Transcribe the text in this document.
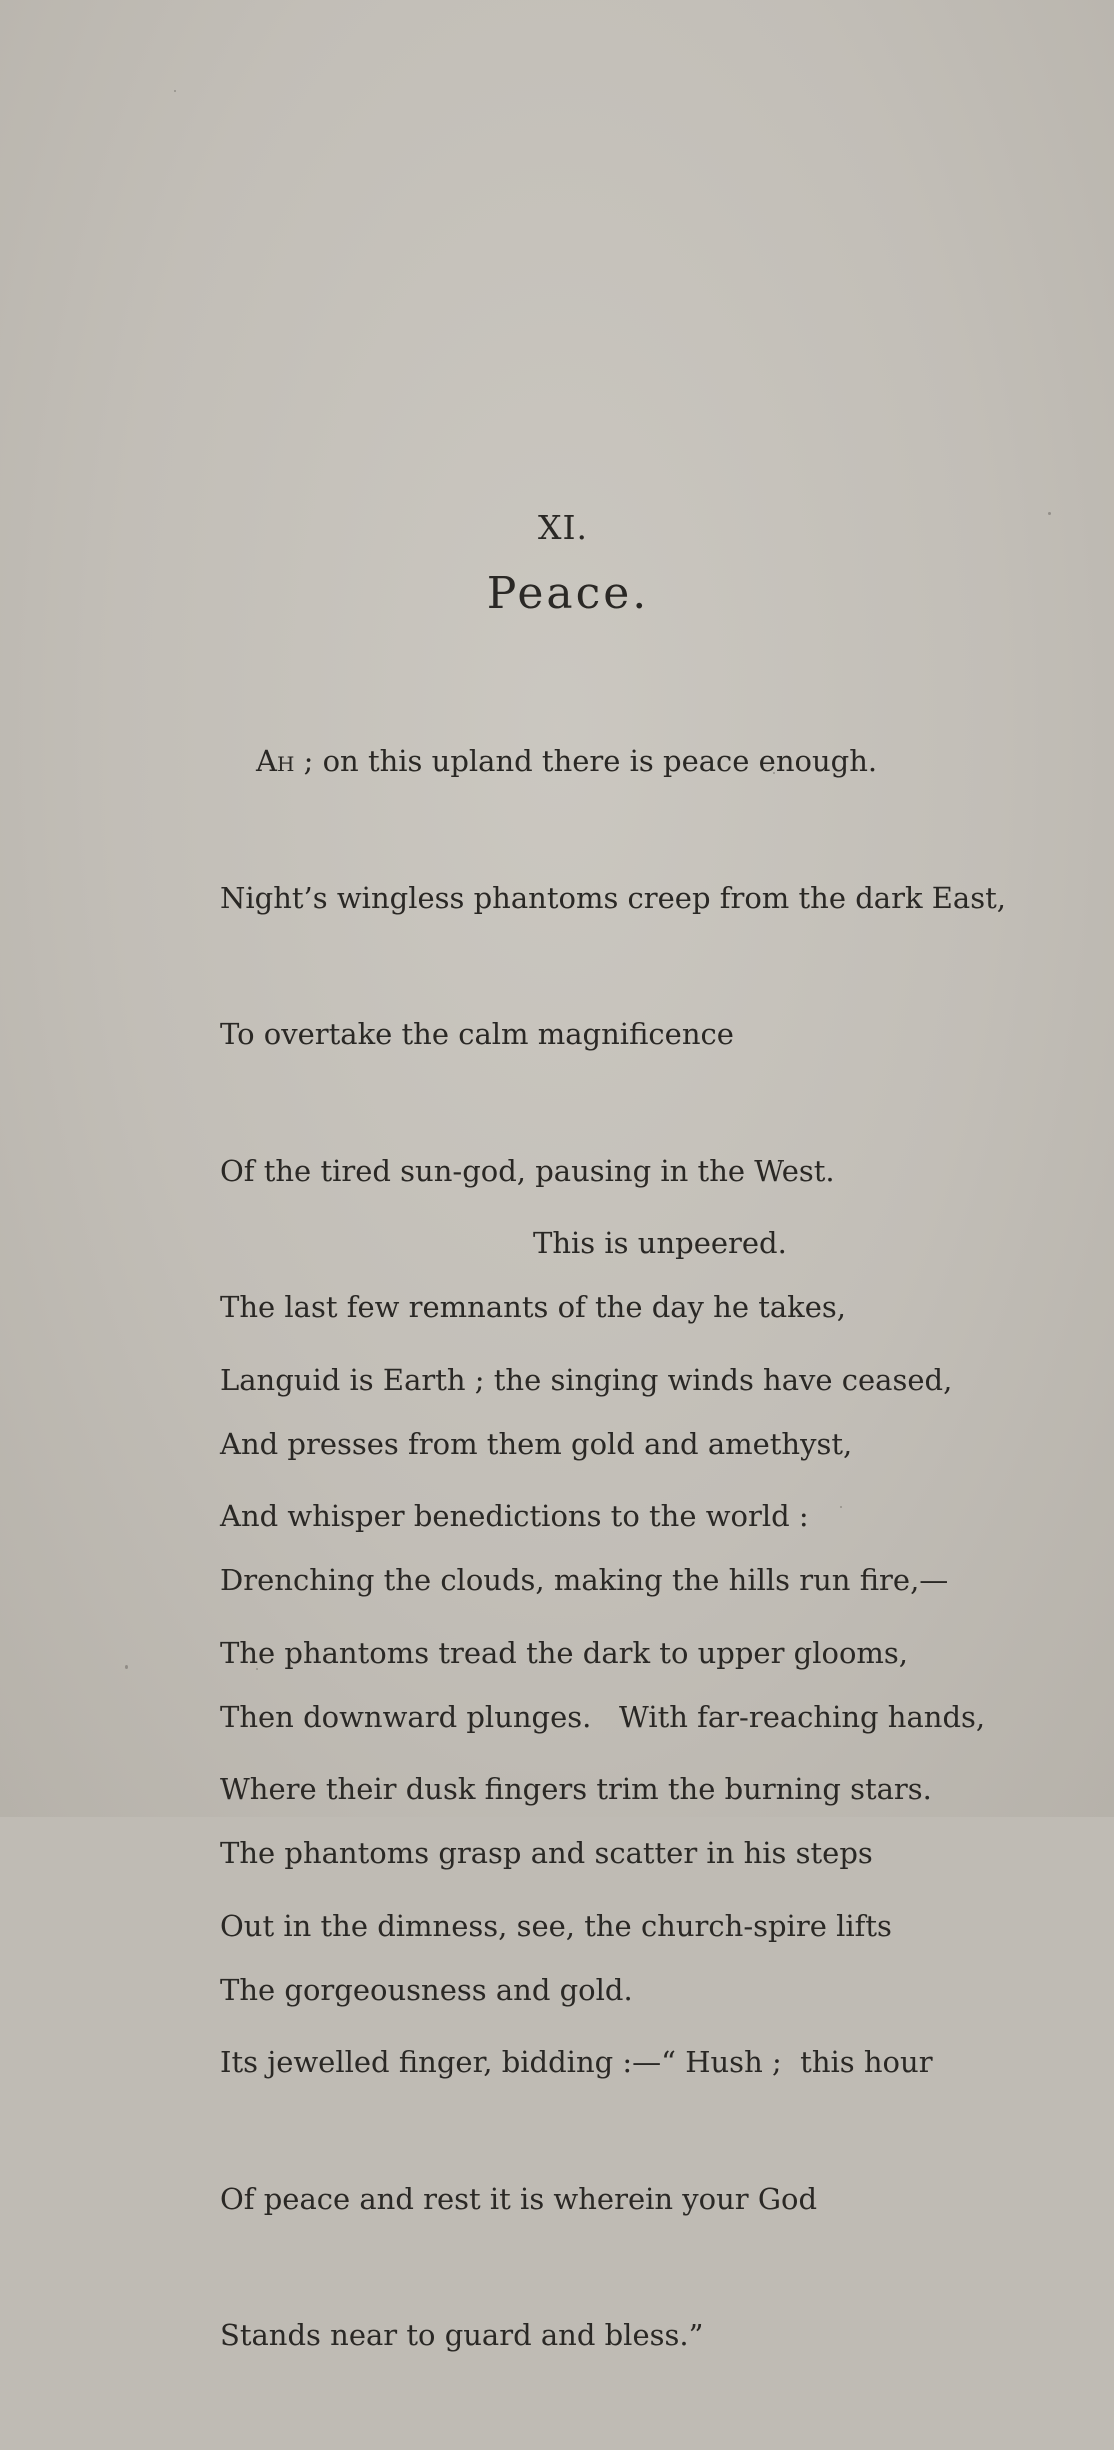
XI.
Peace.

Ah ; on this upland there is peace enough.

Night’s wingless phantoms creep from the dark East,

To overtake the calm magnificence

Of the tired sun-god, pausing in the West.

The last few remnants of the day he takes,

And presses from them gold and amethyst,

Drenching the clouds, making the hills run fire,—

Then downward plunges.   With far-reaching hands,

The phantoms grasp and scatter in his steps

The gorgeousness and gold.

This is unpeered.

Languid is Earth ; the singing winds have ceased,

And whisper benedictions to the world :

The phantoms tread the dark to upper glooms,

Where their dusk fingers trim the burning stars.

Out in the dimness, see, the church-spire lifts

Its jewelled finger, bidding :—“ Hush ;  this hour

Of peace and rest it is wherein your God

Stands near to guard and bless.”
